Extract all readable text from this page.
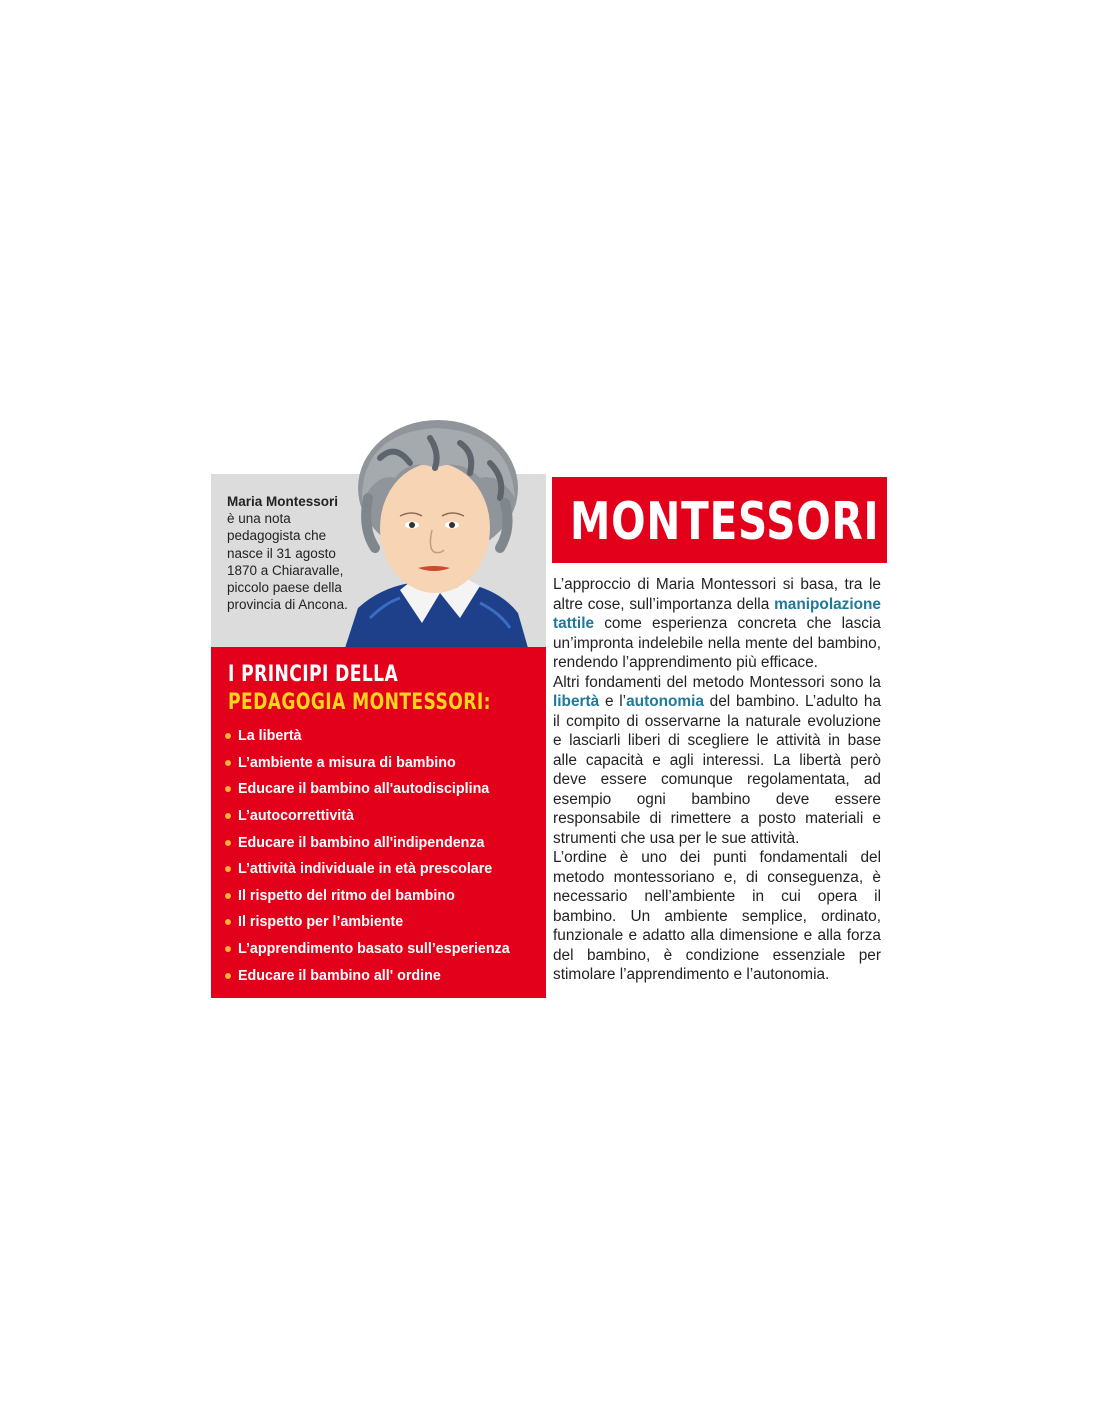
Maria Montessori
è una nota pedagogista che nasce il 31 agosto 1870 a Chiaravalle, piccolo paese della provincia di Ancona.
I PRINCIPI DELLA
PEDAGOGIA MONTESSORI:
La libertà
L’ambiente a misura di bambino
Educare il bambino all'autodisciplina
L’autocorrettività
Educare il bambino all'indipendenza
L’attività individuale in età prescolare
Il rispetto del ritmo del bambino
Il rispetto per l’ambiente
L’apprendimento basato sull’esperienza
Educare il bambino all' ordine
MONTESSORI

L’approccio di Maria Montessori si basa, tra le altre cose, sull’importanza della manipolazione tattile come esperienza concreta che lascia un’impronta indelebile nella mente del bambino, rendendo l’apprendimento più efficace.

Altri fondamenti del metodo Montessori sono la libertà e l’autonomia del bambino. L’adulto ha il compito di osservarne la naturale evoluzione e lasciarli liberi di scegliere le attività in base alle capacità e agli interessi. La libertà però deve essere comunque regolamentata, ad esempio ogni bambino deve essere responsabile di rimettere a posto materiali e strumenti che usa per le sue attività.

L’ordine è uno dei punti fondamentali del metodo montessoriano e, di conseguenza, è necessario nell’ambiente in cui opera il bambino. Un ambiente semplice, ordinato, funzionale e adatto alla dimensione e alla forza del bambino, è condizione essenziale per stimolare l’apprendimento e l’autonomia.
